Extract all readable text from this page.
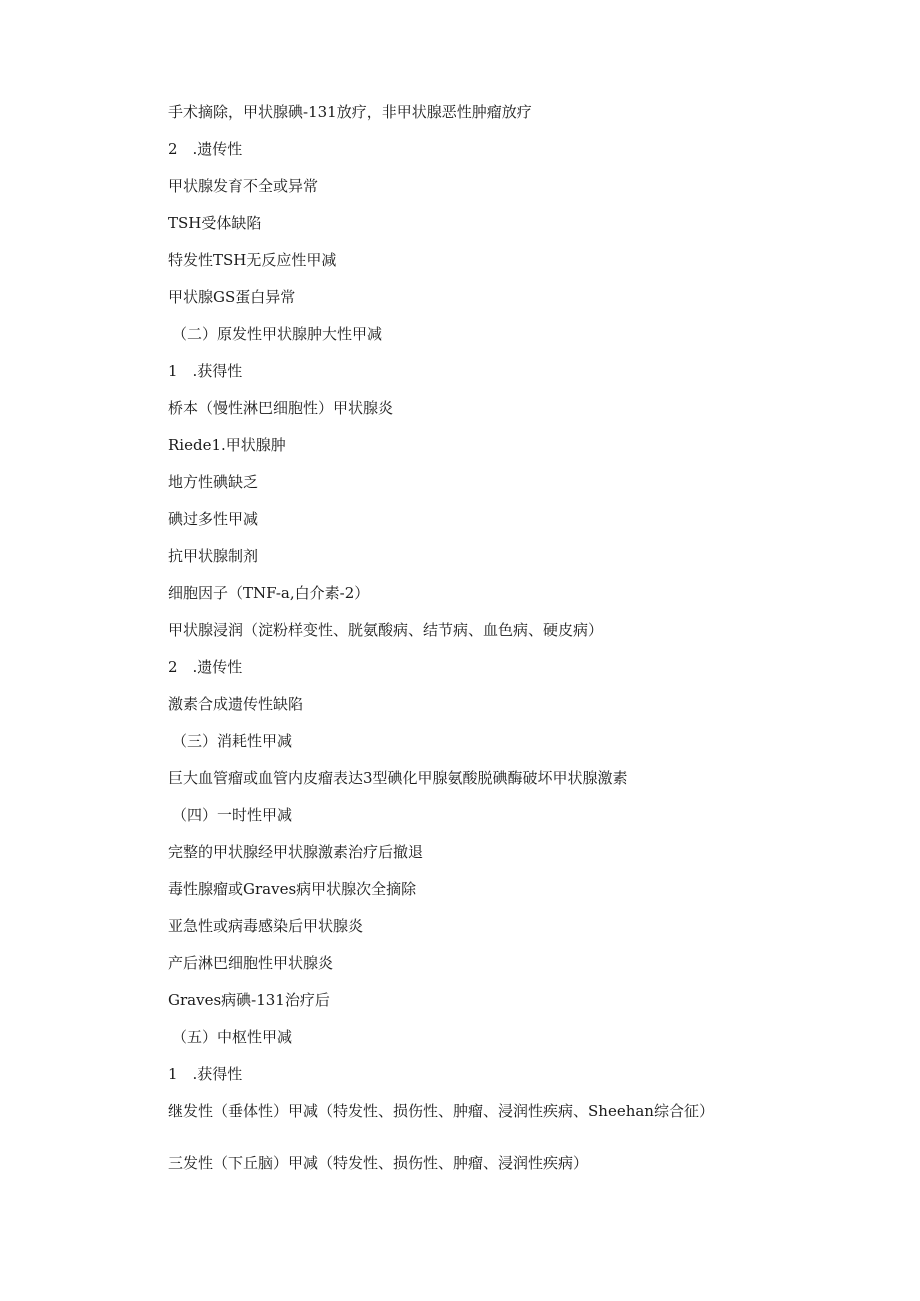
手术摘除，甲状腺碘-131放疗，非甲状腺恶性肿瘤放疗
2　.遗传性
甲状腺发育不全或异常
TSH受体缺陷
特发性TSH无反应性甲减
甲状腺GS蛋白异常
（二）原发性甲状腺肿大性甲减
1　.获得性
桥本（慢性淋巴细胞性）甲状腺炎
Riede1.甲状腺肿
地方性碘缺乏
碘过多性甲减
抗甲状腺制剂
细胞因子（TNF-a,白介素-2）
甲状腺浸润（淀粉样变性、胱氨酸病、结节病、血色病、硬皮病）
2　.遗传性
激素合成遗传性缺陷
（三）消耗性甲减
巨大血管瘤或血管内皮瘤表达3型碘化甲腺氨酸脱碘酶破坏甲状腺激素
（四）一时性甲减
完整的甲状腺经甲状腺激素治疗后撤退
毒性腺瘤或Graves病甲状腺次全摘除
亚急性或病毒感染后甲状腺炎
产后淋巴细胞性甲状腺炎
Graves病碘-131治疗后
（五）中枢性甲减
1　.获得性
继发性（垂体性）甲减（特发性、损伤性、肿瘤、浸润性疾病、Sheehan综合征）
三发性（下丘脑）甲减（特发性、损伤性、肿瘤、浸润性疾病）
